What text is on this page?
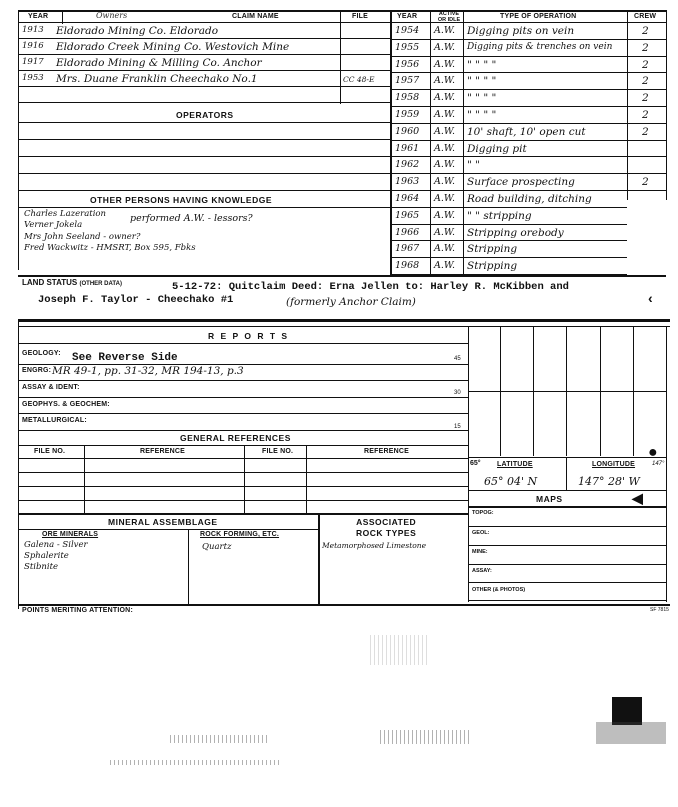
YEAR	Owners	CLAIM NAME	FILE	YEAR	ACTIVE OR IDLE	TYPE OF OPERATION	CREW
1913 Eldorado Mining Co. Eldorado
1916 Eldorado Creek Mining Co. Westovich Mine
1917 Eldorado Mining & Milling Co. Anchor
1953 Mrs. Duane Franklin Cheechako No.1	CC 48-E
OPERATORS
OTHER PERSONS HAVING KNOWLEDGE
Charles Lazeration
Verner Jokela
performed A.W. - lessors?
Mrs John Seeland - owner?
Fred Wackwitz - HMSRT, Box 595, Fbks
1954 A.W. Digging pits on vein	2
1955 A.W. Digging pits & trenches on vein	2
1956 A.W. " " " "	2
1957 A.W. " " " "	2
1958 A.W. " " " "	2
1959 A.W. " " " "	2
1960 A.W. 10' shaft, 10' open cut	2
1961 A.W. Digging pit
1962 A.W. " "
1963 A.W. Surface prospecting	2
1964 A.W. Road building, ditching
1965 A.W. " " stripping
1966 A.W. Stripping orebody
1967 A.W. Stripping
1968 A.W. Stripping
LAND STATUS (OTHER DATA)	5-12-72: Quitclaim Deed: Erna Jellen to: Harley R. McKibben and
Joseph F. Taylor - Cheechako #1	(formerly Anchor Claim)	‹
R E P O R T S
GEOLOGY: See Reverse Side	45
ENGRG: MR 49-1, pp. 31-32, MR 194-13, p.3
ASSAY & IDENT:
30
GEOPHYS. & GEOCHEM:
METALLURGICAL:
15
GENERAL REFERENCES
FILE NO.	REFERENCE	FILE NO.	REFERENCE	●
65° LATITUDE	LONGITUDE	147°
65° 04' N	147° 28' W
MAPS	◀
TOPOG:
GEOL:
MINE:
ASSAY:
OTHER (& PHOTOS)
MINERAL ASSEMBLAGE
ORE MINERALS	ROCK FORMING, ETC.
Galena - Silver
Sphalerite
Stibnite
Quartz
ASSOCIATED
ROCK TYPES
Metamorphosed Limestone
POINTS MERITING ATTENTION:	SF 7815
